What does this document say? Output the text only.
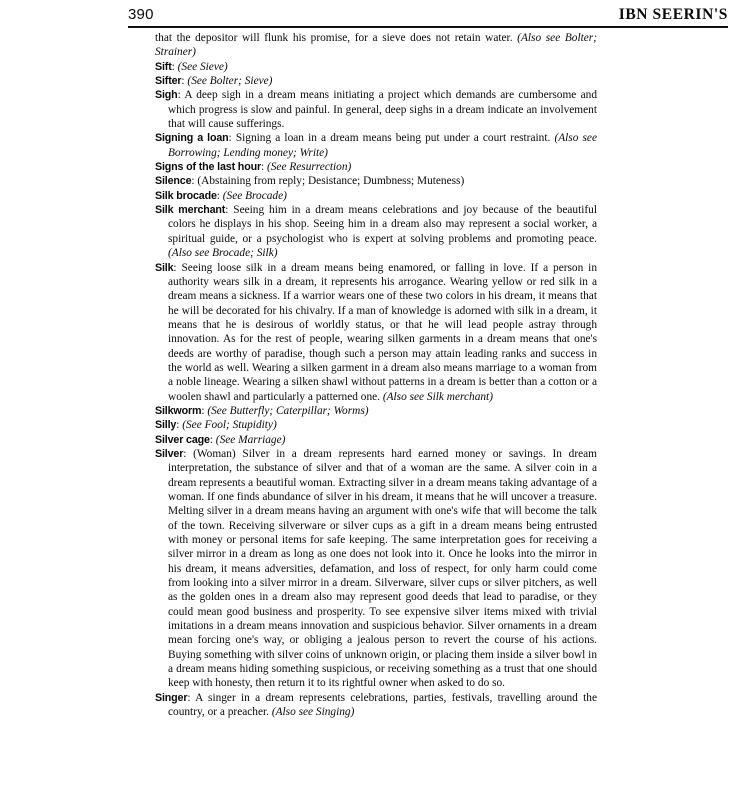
390	IBN SEERIN'S

that the depositor will flunk his promise, for a sieve does not retain water. (Also see Bolter; Strainer)

Sift: (See Sieve)

Sifter: (See Bolter; Sieve)

Sigh: A deep sigh in a dream means initiating a project which demands are cumbersome and which progress is slow and painful. In general, deep sighs in a dream indicate an involvement that will cause sufferings.

Signing a loan: Signing a loan in a dream means being put under a court restraint. (Also see Borrowing; Lending money; Write)

Signs of the last hour: (See Resurrection)

Silence: (Abstaining from reply; Desistance; Dumbness; Muteness)

Silk brocade: (See Brocade)

Silk merchant: Seeing him in a dream means celebrations and joy because of the beautiful colors he displays in his shop. Seeing him in a dream also may represent a social worker, a spiritual guide, or a psychologist who is expert at solving problems and promoting peace. (Also see Brocade; Silk)

Silk: Seeing loose silk in a dream means being enamored, or falling in love. If a person in authority wears silk in a dream, it represents his arrogance. Wearing yellow or red silk in a dream means a sickness. If a warrior wears one of these two colors in his dream, it means that he will be decorated for his chivalry. If a man of knowledge is adorned with silk in a dream, it means that he is desirous of worldly status, or that he will lead people astray through innovation. As for the rest of people, wearing silken garments in a dream means that one's deeds are worthy of paradise, though such a person may attain leading ranks and success in the world as well. Wearing a silken garment in a dream also means marriage to a woman from a noble lineage. Wearing a silken shawl without patterns in a dream is better than a cotton or a woolen shawl and particularly a patterned one. (Also see Silk merchant)

Silkworm: (See Butterfly; Caterpillar; Worms)

Silly: (See Fool; Stupidity)

Silver cage: (See Marriage)

Silver: (Woman) Silver in a dream represents hard earned money or savings. In dream interpretation, the substance of silver and that of a woman are the same. A silver coin in a dream represents a beautiful woman. Extracting silver in a dream means taking advantage of a woman. If one finds abundance of silver in his dream, it means that he will uncover a treasure. Melting silver in a dream means having an argument with one's wife that will become the talk of the town. Receiving silverware or silver cups as a gift in a dream means being entrusted with money or personal items for safe keeping. The same interpretation goes for receiving a silver mirror in a dream as long as one does not look into it. Once he looks into the mirror in his dream, it means adversities, defamation, and loss of respect, for only harm could come from looking into a silver mirror in a dream. Silverware, silver cups or silver pitchers, as well as the golden ones in a dream also may represent good deeds that lead to paradise, or they could mean good business and prosperity. To see expensive silver items mixed with trivial imitations in a dream means innovation and suspicious behavior. Silver ornaments in a dream mean forcing one's way, or obliging a jealous person to revert the course of his actions. Buying something with silver coins of unknown origin, or placing them inside a silver bowl in a dream means hiding something suspicious, or receiving something as a trust that one should keep with honesty, then return it to its rightful owner when asked to do so.

Singer: A singer in a dream represents celebrations, parties, festivals, travelling around the country, or a preacher. (Also see Singing)
